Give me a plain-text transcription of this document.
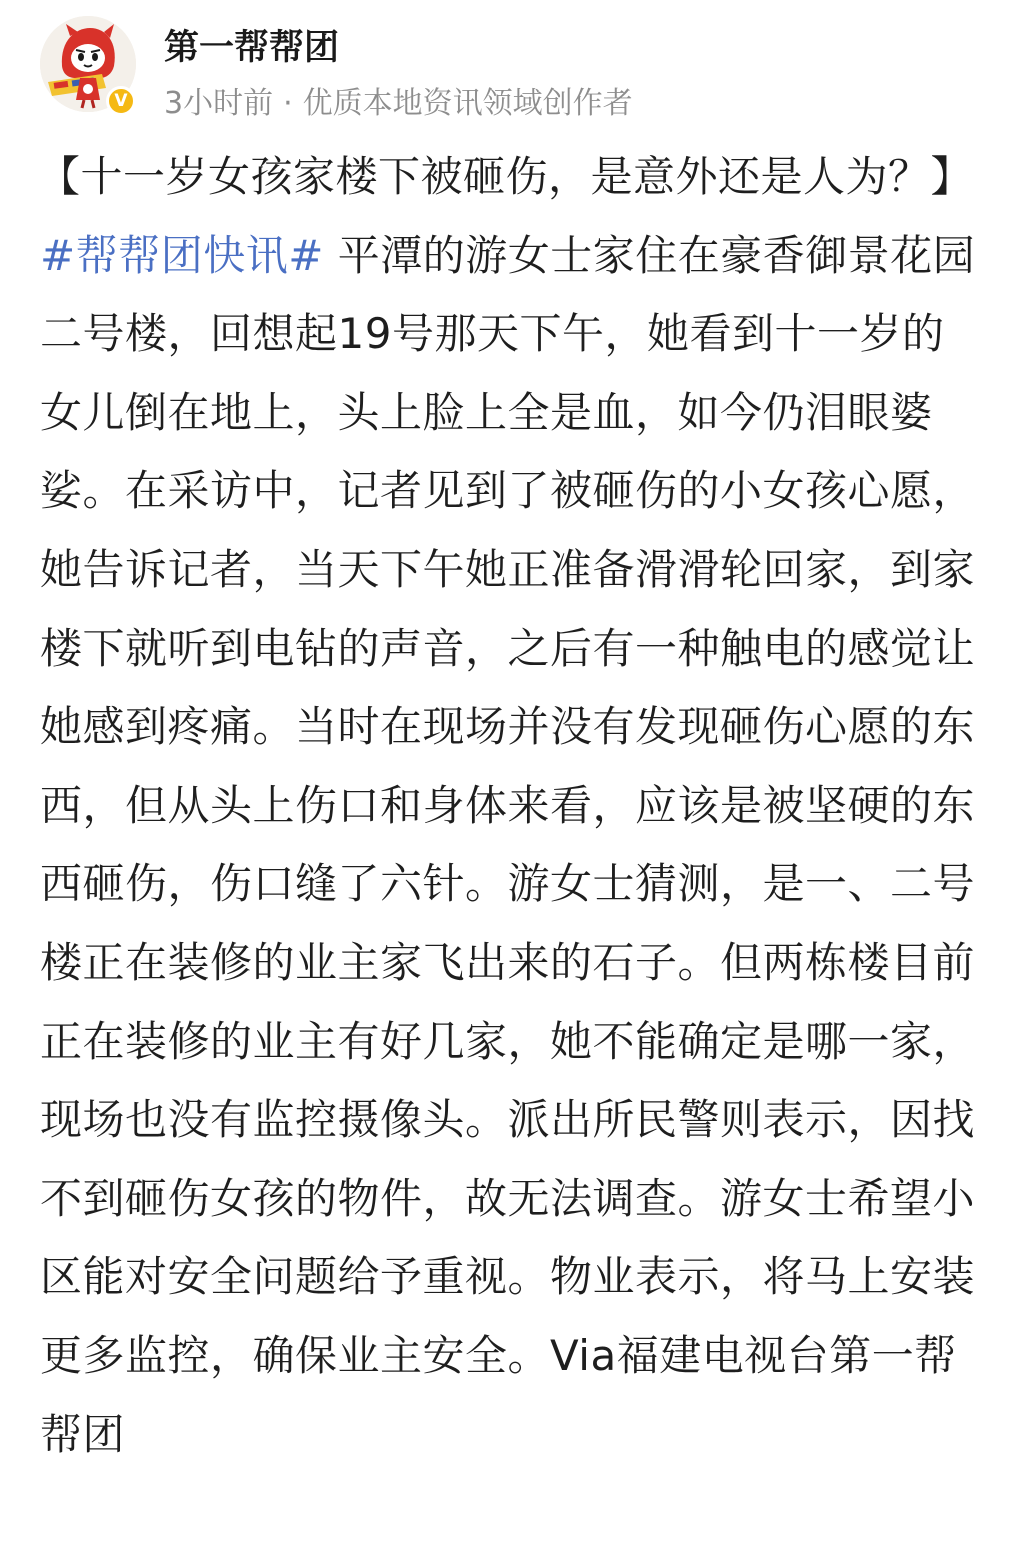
V
第一帮帮团
3小时前 · 优质本地资讯领域创作者
【十一岁女孩家楼下被砸伤，是意外还是人为？】#帮帮团快讯# 平潭的游女士家住在豪香御景花园二号楼，回想起19号那天下午，她看到十一岁的女儿倒在地上，头上脸上全是血，如今仍泪眼婆娑。在采访中，记者见到了被砸伤的小女孩心愿，她告诉记者，当天下午她正准备滑滑轮回家，到家楼下就听到电钻的声音，之后有一种触电的感觉让她感到疼痛。当时在现场并没有发现砸伤心愿的东西，但从头上伤口和身体来看，应该是被坚硬的东西砸伤，伤口缝了六针。游女士猜测，是一、二号楼正在装修的业主家飞出来的石子。但两栋楼目前正在装修的业主有好几家，她不能确定是哪一家，现场也没有监控摄像头。派出所民警则表示，因找不到砸伤女孩的物件，故无法调查。游女士希望小区能对安全问题给予重视。物业表示，将马上安装更多监控，确保业主安全。Via福建电视台第一帮帮团
